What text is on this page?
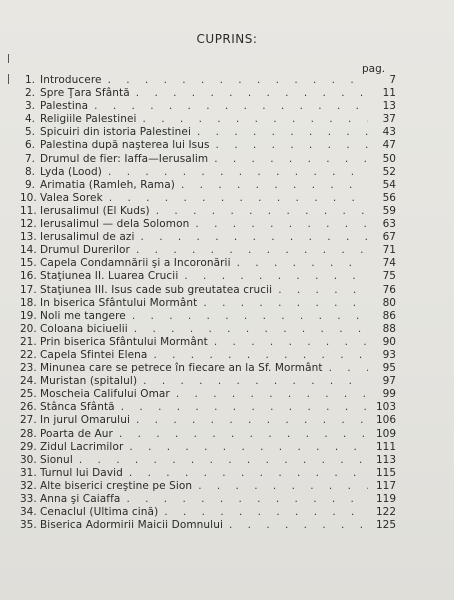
CUPRINS:
pag.
1. Introducere . . .	7
2. Spre Ţara Sfântă . . .	11
3. Palestina . . .	13
4. Religiile Palestinei . . .	37
5. Spicuiri din istoria Palestinei . . .	43
6. Palestina după naşterea lui Isus . . .	47
7. Drumul de fier: Iaffa—Ierusalim . . .	50
8. Lyda (Lood) . . .	52
9. Arimatia (Ramleh, Rama) . . .	54
10. Valea Sorek . . .	56
11. Ierusalimul (El Kuds) . . .	59
12. Ierusalimul — dela Solomon . . .	63
13. Ierusalimul de azi . . .	67
14. Drumul Durerilor . . .	71
15. Capela Condamnării şi a Incoronării . . .	74
16. Staţiunea II. Luarea Crucii . . .	75
17. Staţiunea III. Isus cade sub greutatea crucii . . .	76
18. In biserica Sfântului Mormânt . . .	80
19. Noli me tangere . . .	86
20. Coloana biciuelii . . .	88
21. Prin biserica Sfântului Mormânt . . .	90
22. Capela Sfintei Elena . . .	93
23. Minunea care se petrece în fiecare an la Sf. Mormânt . . .	95
24. Muristan (spitalul) . . .	97
25. Moscheia Califului Omar . . .	99
26. Stânca Sfântă . . .	103
27. In jurul Omarului . . .	106
28. Poarta de Aur . . .	109
29. Zidul Lacrimilor . . .	111
30. Sionul . . .	113
31. Turnul lui David . . .	115
32. Alte biserici creştine pe Sion . . .	117
33. Anna şi Caiaffa . . .	119
34. Cenaclul (Ultima cină) . . .	122
35. Biserica Adormirii Maicii Domnului . . .	125
